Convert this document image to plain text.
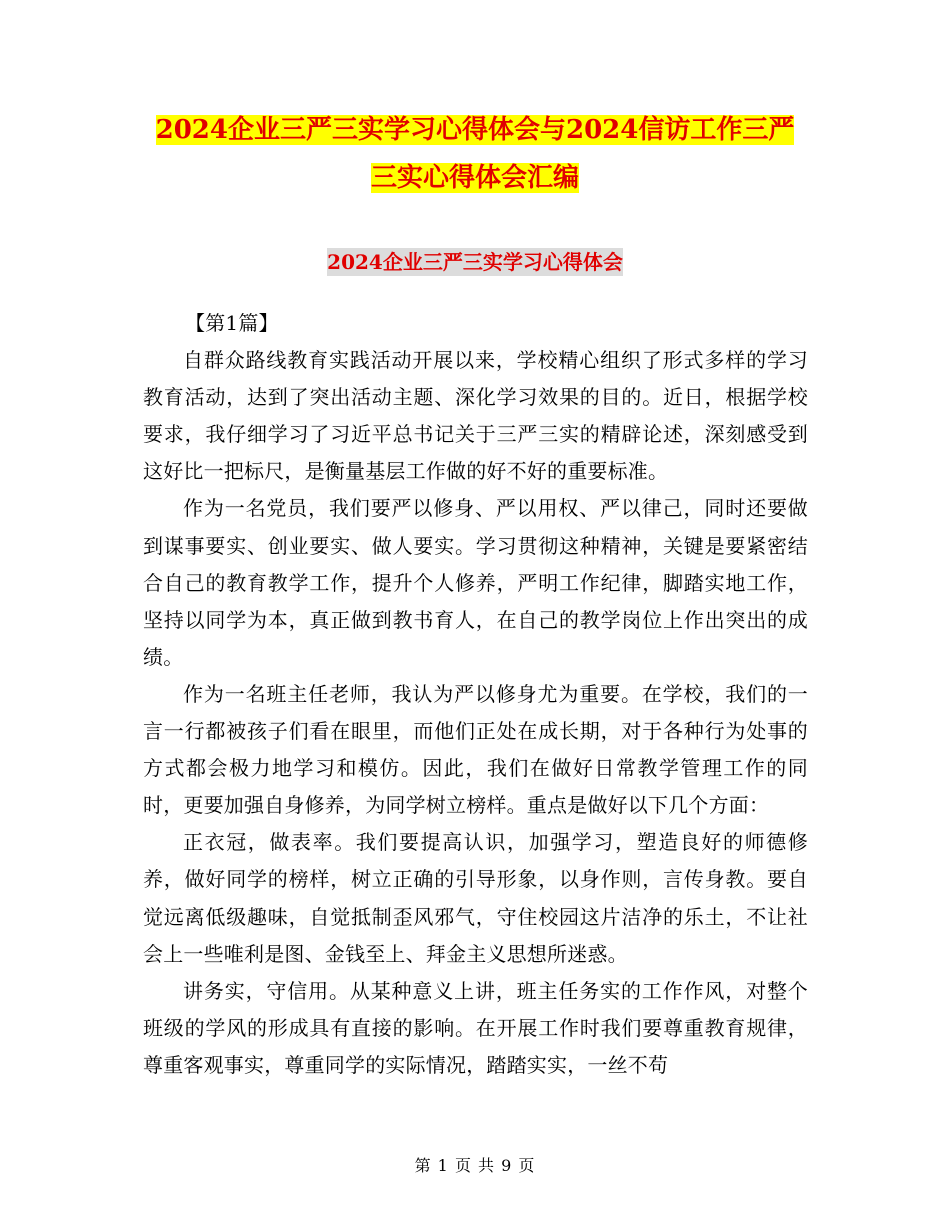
2024企业三严三实学习心得体会与2024信访工作三严
三实心得体会汇编
2024企业三严三实学习心得体会

【第1篇】

自群众路线教育实践活动开展以来，学校精心组织了形式多样的学习教育活动，达到了突出活动主题、深化学习效果的目的。近日，根据学校要求，我仔细学习了习近平总书记关于三严三实的精辟论述，深刻感受到这好比一把标尺，是衡量基层工作做的好不好的重要标准。

作为一名党员，我们要严以修身、严以用权、严以律己，同时还要做到谋事要实、创业要实、做人要实。学习贯彻这种精神，关键是要紧密结合自己的教育教学工作，提升个人修养，严明工作纪律，脚踏实地工作，坚持以同学为本，真正做到教书育人，在自己的教学岗位上作出突出的成绩。

作为一名班主任老师，我认为严以修身尤为重要。在学校，我们的一言一行都被孩子们看在眼里，而他们正处在成长期，对于各种行为处事的方式都会极力地学习和模仿。因此，我们在做好日常教学管理工作的同时，更要加强自身修养，为同学树立榜样。重点是做好以下几个方面：

正衣冠，做表率。我们要提高认识，加强学习，塑造良好的师德修养，做好同学的榜样，树立正确的引导形象，以身作则，言传身教。要自觉远离低级趣味，自觉抵制歪风邪气，守住校园这片洁净的乐土，不让社会上一些唯利是图、金钱至上、拜金主义思想所迷惑。

讲务实，守信用。从某种意义上讲，班主任务实的工作作风，对整个班级的学风的形成具有直接的影响。在开展工作时我们要尊重教育规律，尊重客观事实，尊重同学的实际情况，踏踏实实，一丝不苟

第 1 页 共 9 页
